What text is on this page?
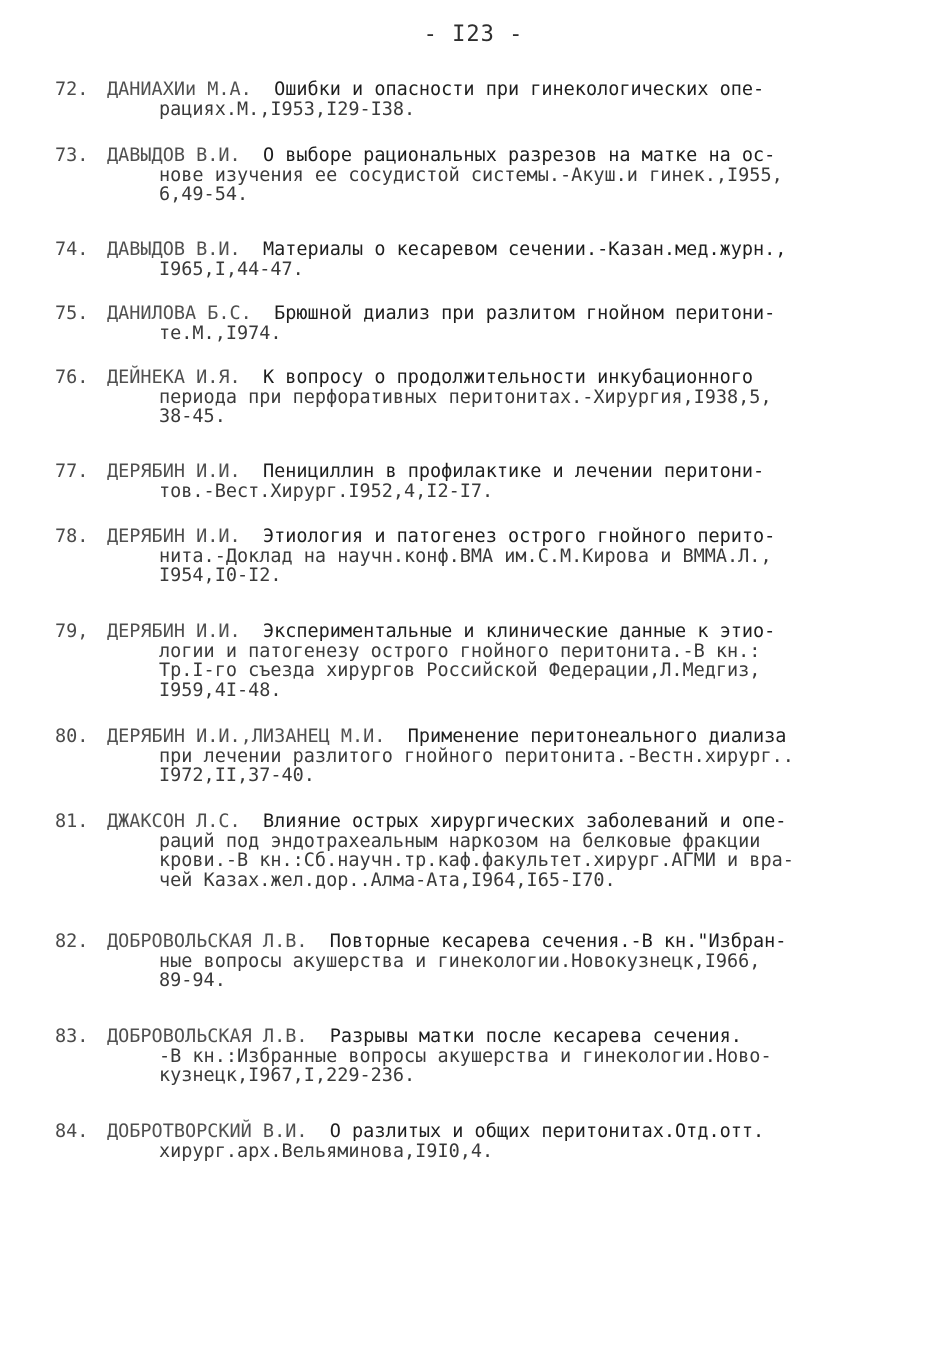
- I23 -
72. ДАНИАХИи М.А.  Ошибки и опасности при гинекологических опе-
рациях.М.,I953,I29-I38.
73. ДАВЫДОВ В.И.  О выборе рациональных разрезов на матке на ос-
нове изучения ее сосудистой системы.-Акуш.и гинек.,I955,
6,49-54.
74. ДАВЫДОВ В.И.  Материалы о кесаревом сечении.-Казан.мед.журн.,
I965,I,44-47.
75. ДАНИЛОВА Б.С.  Брюшной диализ при разлитом гнойном перитони-
те.М.,I974.
76. ДЕЙНЕКА И.Я.  К вопросу о продолжительности инкубационного
периода при перфоративных перитонитах.-Хирургия,I938,5,
38-45.
77. ДЕРЯБИН И.И.  Пенициллин в профилактике и лечении перитони-
тов.-Вест.Хирург.I952,4,I2-I7.
78. ДЕРЯБИН И.И.  Этиология и патогенез острого гнойного перито-
нита.-Доклад на научн.конф.ВМА им.С.М.Кирова и ВММА.Л.,
I954,I0-I2.
79, ДЕРЯБИН И.И.  Экспериментальные и клинические данные к этио-
логии и патогенезу острого гнойного перитонита.-В кн.:
Тр.I-го съезда хирургов Российской Федерации,Л.Медгиз,
I959,4I-48.
80. ДЕРЯБИН И.И.,ЛИЗАНЕЦ М.И.  Применение перитонеального диализа
при лечении разлитого гнойного перитонита.-Вестн.хирург..
I972,II,37-40.
81. ДЖАКСОН Л.С.  Влияние острых хирургических заболеваний и опе-
раций под эндотрахеальным наркозом на белковые фракции
крови.-В кн.:Сб.научн.тр.каф.факультет.хирург.АГМИ и вра-
чей Казах.жел.дор..Алма-Ата,I964,I65-I70.
82. ДОБРОВОЛЬСКАЯ Л.В.  Повторные кесарева сечения.-В кн."Избран-
ные вопросы акушерства и гинекологии.Новокузнецк,I966,
89-94.
83. ДОБРОВОЛЬСКАЯ Л.В.  Разрывы матки после кесарева сечения.
-В кн.:Избранные вопросы акушерства и гинекологии.Ново-
кузнецк,I967,I,229-236.
84. ДОБРОТВОРСКИЙ В.И.  О разлитых и общих перитонитах.Отд.отт.
хирург.арх.Вельяминова,I9I0,4.
